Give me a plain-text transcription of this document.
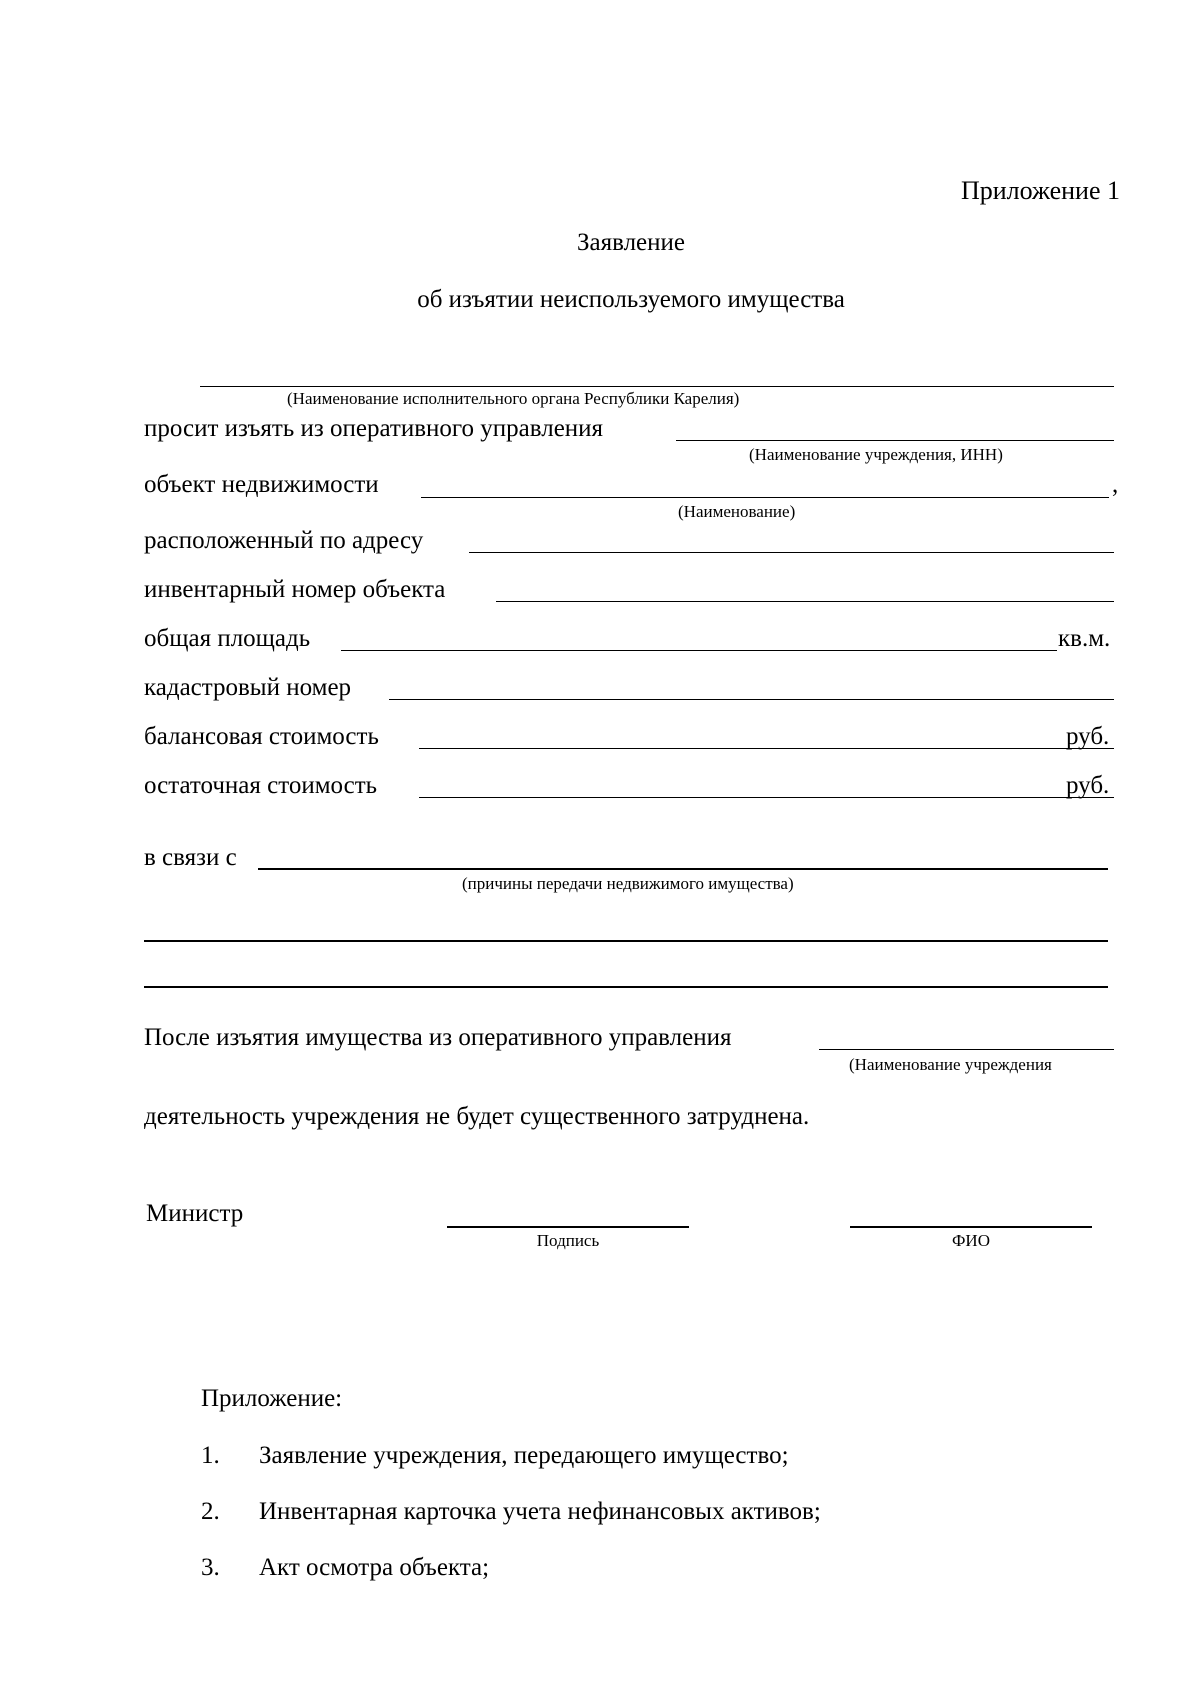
Приложение 1
Заявление
об изъятии неиспользуемого имущества
(Наименование исполнительного органа Республики Карелия)
просит изъять из оперативного управления
(Наименование учреждения, ИНН)
объект недвижимости	,
(Наименование)
расположенный по адресу
инвентарный номер объекта
общая площадь	кв.м.
кадастровый номер
балансовая стоимость	руб.
остаточная стоимость	руб.
в связи с
(причины передачи недвижимого имущества)
После изъятия имущества из оперативного управления
(Наименование учреждения
деятельность учреждения не будет существенного затруднена.
Министр
Подпись	ФИО
Приложение:
1. Заявление учреждения, передающего имущество;
2. Инвентарная карточка учета нефинансовых активов;
3. Акт осмотра объекта;
